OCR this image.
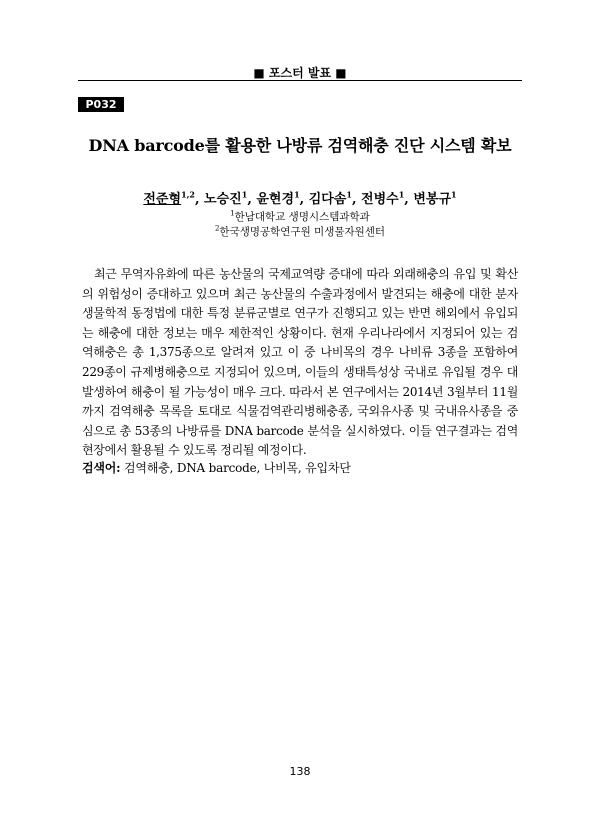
■ 포스터 발표 ■
P032
DNA barcode를 활용한 나방류 검역해충 진단 시스템 확보
전준형$^{1,2}$, 노승진$^1$, 윤현경$^1$, 김다솜$^1$, 전병수$^1$, 변봉규$^1$
$^1$한남대학교 생명시스템과학과
$^2$한국생명공학연구원 미생물자원센터

최근 무역자유화에 따른 농산물의 국제교역량 증대에 따라 외래해충의 유입 및 확산의 위험성이 증대하고 있으며 최근 농산물의 수출과정에서 발견되는 해충에 대한 분자생물학적 동정법에 대한 특정 분류군별로 연구가 진행되고 있는 반면 해외에서 유입되는 해충에 대한 정보는 매우 제한적인 상황이다. 현재 우리나라에서 지정되어 있는 검역해충은 총 1,375종으로 알려져 있고 이 중 나비목의 경우 나비류 3종을 포함하여 229종이 규제병해충으로 지정되어 있으며, 이들의 생태특성상 국내로 유입될 경우 대발생하여 해충이 될 가능성이 매우 크다. 따라서 본 연구에서는 2014년 3월부터 11월까지 검역해충 목록을 토대로 식물검역관리병해충종, 국외유사종 및 국내유사종을 중심으로 총 53종의 나방류를 DNA barcode 분석을 실시하였다. 이들 연구결과는 검역현장에서 활용될 수 있도록 정리될 예정이다.

검색어: 검역해충, DNA barcode, 나비목, 유입차단
138
